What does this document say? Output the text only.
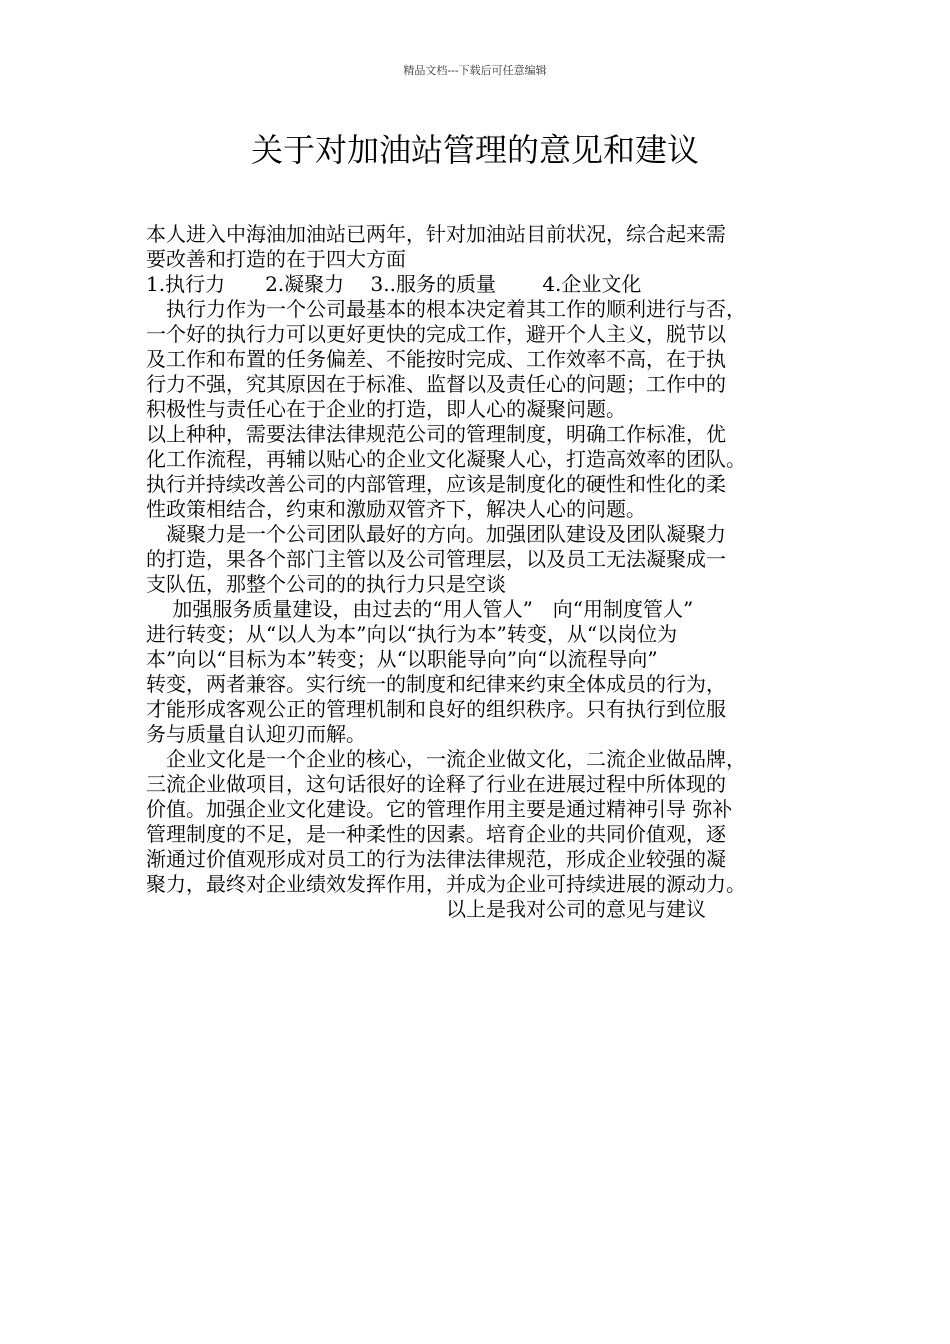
精品文档---下载后可任意编辑
关于对加油站管理的意见和建议
本人进入中海油加油站已两年，针对加油站目前状况，综合起来需
要改善和打造的在于四大方面
1.执行力　　2.凝聚力　 3..服务的质量　　 4.企业文化
　执行力作为一个公司最基本的根本决定着其工作的顺利进行与否，
一个好的执行力可以更好更快的完成工作，避开个人主义，脱节以
及工作和布置的任务偏差、不能按时完成、工作效率不高，在于执
行力不强，究其原因在于标准、监督以及责任心的问题；工作中的
积极性与责任心在于企业的打造，即人心的凝聚问题。
以上种种，需要法律法律规范公司的管理制度，明确工作标准，优
化工作流程，再辅以贴心的企业文化凝聚人心，打造高效率的团队。
执行并持续改善公司的内部管理，应该是制度化的硬性和性化的柔
性政策相结合，约束和激励双管齐下，解决人心的问题。
　凝聚力是一个公司团队最好的方向。加强团队建设及团队凝聚力
的打造，果各个部门主管以及公司管理层，以及员工无法凝聚成一
支队伍，那整个公司的的执行力只是空谈
　 加强服务质量建设，由过去的“用人管人”　向“用制度管人”
进行转变；从“以人为本”向以“执行为本”转变，从“以岗位为
本”向以“目标为本”转变；从“以职能导向”向“以流程导向”
转变，两者兼容。实行统一的制度和纪律来约束全体成员的行为，
才能形成客观公正的管理机制和良好的组织秩序。只有执行到位服
务与质量自认迎刃而解。
　企业文化是一个企业的核心，一流企业做文化，二流企业做品牌，
三流企业做项目，这句话很好的诠释了行业在进展过程中所体现的
价值。加强企业文化建设。它的管理作用主要是通过精神引导 弥补
管理制度的不足，是一种柔性的因素。培育企业的共同价值观，逐
渐通过价值观形成对员工的行为法律法律规范，形成企业较强的凝
聚力，最终对企业绩效发挥作用，并成为企业可持续进展的源动力。
以上是我对公司的意见与建议
